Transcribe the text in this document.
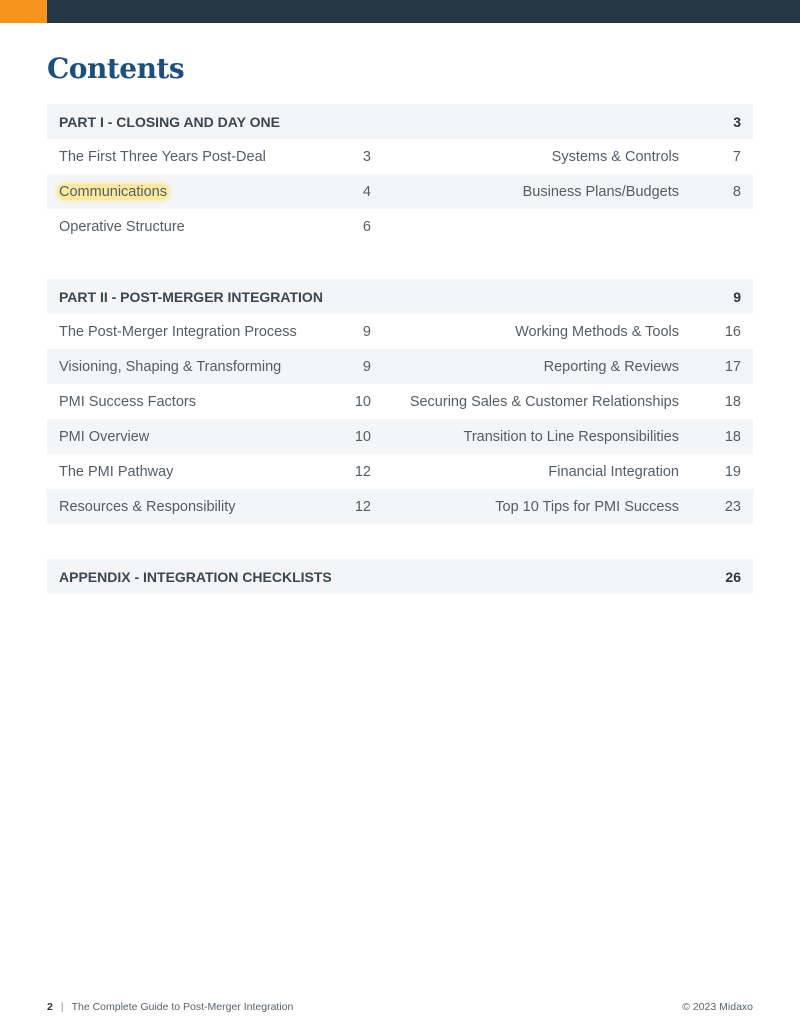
Contents
PART I - CLOSING AND DAY ONE	3
The First Three Years Post-Deal	3	Systems & Controls	7
Communications	4	Business Plans/Budgets	8
Operative Structure	6
PART II - POST-MERGER INTEGRATION	9
The Post-Merger Integration Process	9	Working Methods & Tools	16
Visioning, Shaping & Transforming	9	Reporting & Reviews	17
PMI Success Factors	10	Securing Sales & Customer Relationships	18
PMI Overview	10	Transition to Line Responsibilities	18
The PMI Pathway	12	Financial Integration	19
Resources & Responsibility	12	Top 10 Tips for PMI Success	23
APPENDIX - INTEGRATION CHECKLISTS	26
2 | The Complete Guide to Post-Merger Integration	© 2023 Midaxo
